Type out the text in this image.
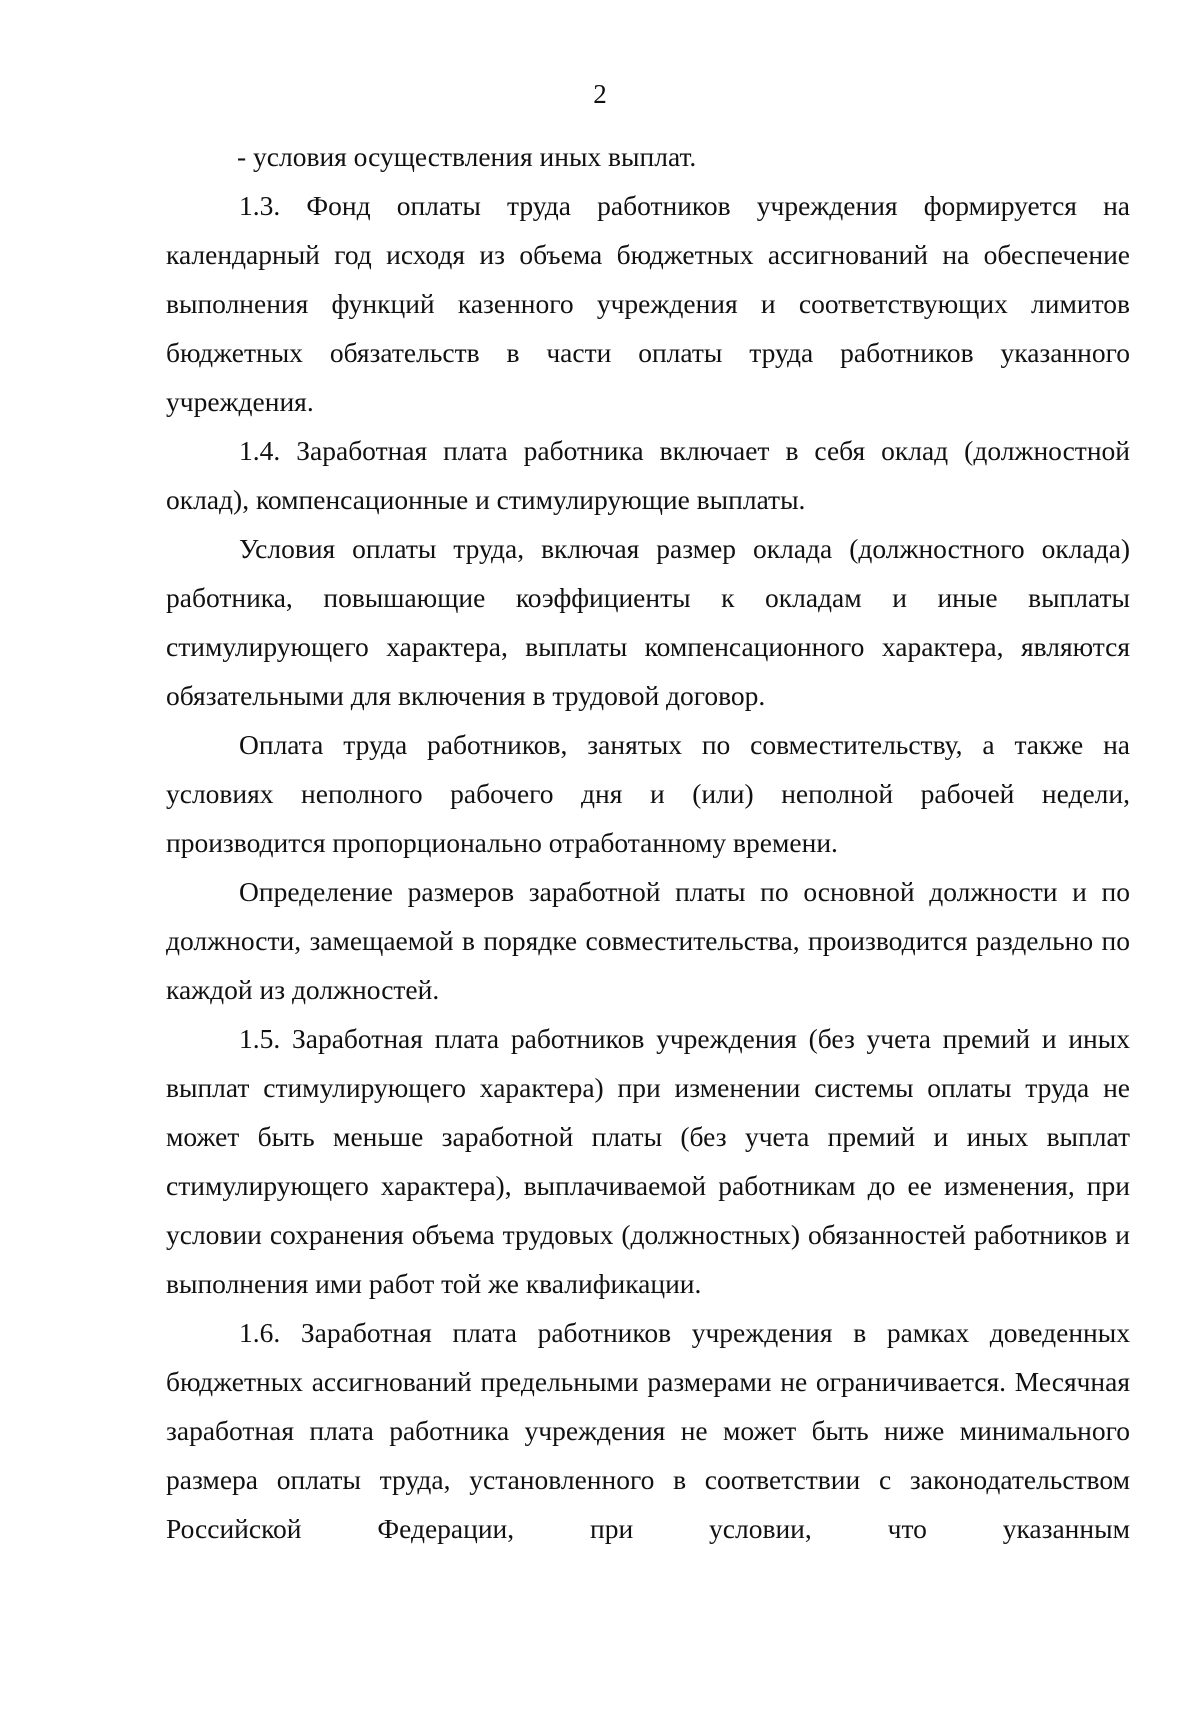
2

- условия осуществления иных выплат.

1.3. Фонд оплаты труда работников учреждения формируется на календарный год исходя из объема бюджетных ассигнований на обеспечение выполнения функций казенного учреждения и соответствующих лимитов бюджетных обязательств в части оплаты труда работников указанного учреждения.

1.4. Заработная плата работника включает в себя оклад (должностной оклад), компенсационные и стимулирующие выплаты.

Условия оплаты труда, включая размер оклада (должностного оклада) работника, повышающие коэффициенты к окладам и иные выплаты стимулирующего характера, выплаты компенсационного характера, являются обязательными для включения в трудовой договор.

Оплата труда работников, занятых по совместительству, а также на условиях неполного рабочего дня и (или) неполной рабочей недели, производится пропорционально отработанному времени.

Определение размеров заработной платы по основной должности и по должности, замещаемой в порядке совместительства, производится раздельно по каждой из должностей.

1.5. Заработная плата работников учреждения (без учета премий и иных выплат стимулирующего характера) при изменении системы оплаты труда не может быть меньше заработной платы (без учета премий и иных выплат стимулирующего характера), выплачиваемой работникам до ее изменения, при условии сохранения объема трудовых (должностных) обязанностей работников и выполнения ими работ той же квалификации.

1.6. Заработная плата работников учреждения в рамках доведенных бюджетных ассигнований предельными размерами не ограничивается. Месячная заработная плата работника учреждения не может быть ниже минимального размера оплаты труда, установленного в соответствии с законодательством Российской Федерации, при условии, что указанным
